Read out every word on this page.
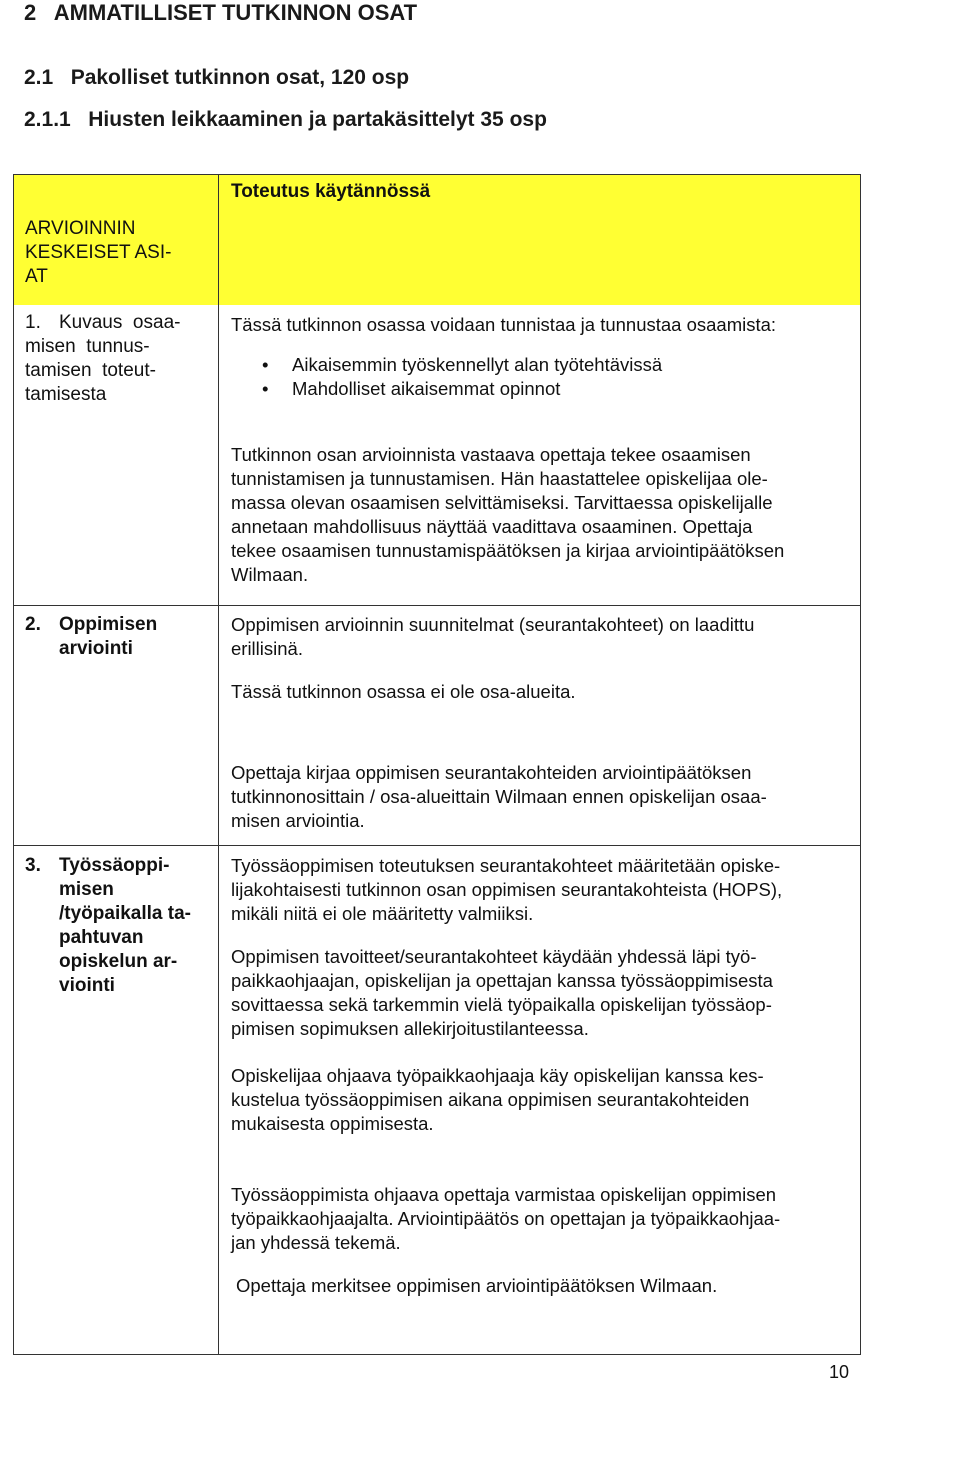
2   AMMATILLISET TUTKINNON OSAT
2.1   Pakolliset tutkinnon osat, 120 osp
2.1.1   Hiusten leikkaaminen ja partakäsittelyt 35 osp
ARVIOINNIN
KESKEISET ASI-
AT
Toteutus käytännössä
1. Kuvaus  osaa-
misen  tunnus-
tamisen  toteut-
tamisesta

Tässä tutkinnon osassa voidaan tunnistaa ja tunnustaa osaamista:

• Aikaisemmin työskennellyt alan työtehtävissä
• Mahdolliset aikaisemmat opinnot
Tutkinnon osan arvioinnista vastaava opettaja tekee osaamisen
tunnistamisen ja tunnustamisen. Hän haastattelee opiskelijaa ole-
massa olevan osaamisen selvittämiseksi. Tarvittaessa opiskelijalle
annetaan mahdollisuus näyttää vaadittava osaaminen. Opettaja
tekee osaamisen tunnustamispäätöksen ja kirjaa arviointipäätöksen
Wilmaan.
2. Oppimisen
arviointi
Oppimisen arvioinnin suunnitelmat (seurantakohteet) on laadittu
erillisinä.

Tässä tutkinnon osassa ei ole osa-alueita.

Opettaja kirjaa oppimisen seurantakohteiden arviointipäätöksen
tutkinnonosittain / osa-alueittain Wilmaan ennen opiskelijan osaa-
misen arviointia.
3. Työssäoppi-
misen
/työpaikalla ta-
pahtuvan
opiskelun ar-
viointi
Työssäoppimisen toteutuksen seurantakohteet määritetään opiske-
lijakohtaisesti tutkinnon osan oppimisen seurantakohteista (HOPS),
mikäli niitä ei ole määritetty valmiiksi.
Oppimisen tavoitteet/seurantakohteet käydään yhdessä läpi työ-
paikkaohjaajan, opiskelijan ja opettajan kanssa työssäoppimisesta
sovittaessa sekä tarkemmin vielä työpaikalla opiskelijan työssäop-
pimisen sopimuksen allekirjoitustilanteessa.
Opiskelijaa ohjaava työpaikkaohjaaja käy opiskelijan kanssa kes-
kustelua työssäoppimisen aikana oppimisen seurantakohteiden
mukaisesta oppimisesta.
Työssäoppimista ohjaava opettaja varmistaa opiskelijan oppimisen
työpaikkaohjaajalta. Arviointipäätös on opettajan ja työpaikkaohjaa-
jan yhdessä tekemä.

Opettaja merkitsee oppimisen arviointipäätöksen Wilmaan.

10
